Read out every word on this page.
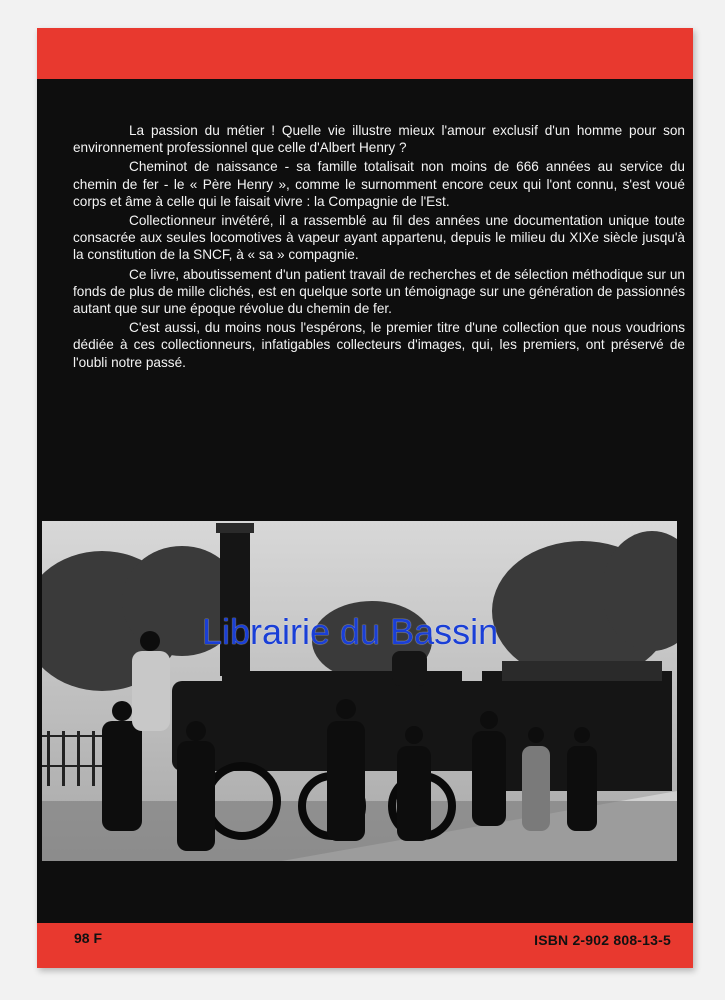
La passion du métier ! Quelle vie illustre mieux l'amour exclusif d'un homme pour son environnement professionnel que celle d'Albert Henry ?

Cheminot de naissance - sa famille totalisait non moins de 666 années au service du chemin de fer - le « Père Henry », comme le surnomment encore ceux qui l'ont connu, s'est voué corps et âme à celle qui le faisait vivre : la Compagnie de l'Est.

Collectionneur invétéré, il a rassemblé au fil des années une documentation unique toute consacrée aux seules locomotives à vapeur ayant appartenu, depuis le milieu du XIXe siècle jusqu'à la constitution de la SNCF, à « sa » compagnie.

Ce livre, aboutissement d'un patient travail de recherches et de sélection méthodique sur un fonds de plus de mille clichés, est en quelque sorte un témoignage sur une génération de passionnés autant que sur une époque révolue du chemin de fer.

C'est aussi, du moins nous l'espérons, le premier titre d'une collection que nous voudrions dédiée à ces collectionneurs, infatigables collecteurs d'images, qui, les premiers, ont préservé de l'oubli notre passé.

Librairie du Bassin
98 F	ISBN 2-902 808-13-5
